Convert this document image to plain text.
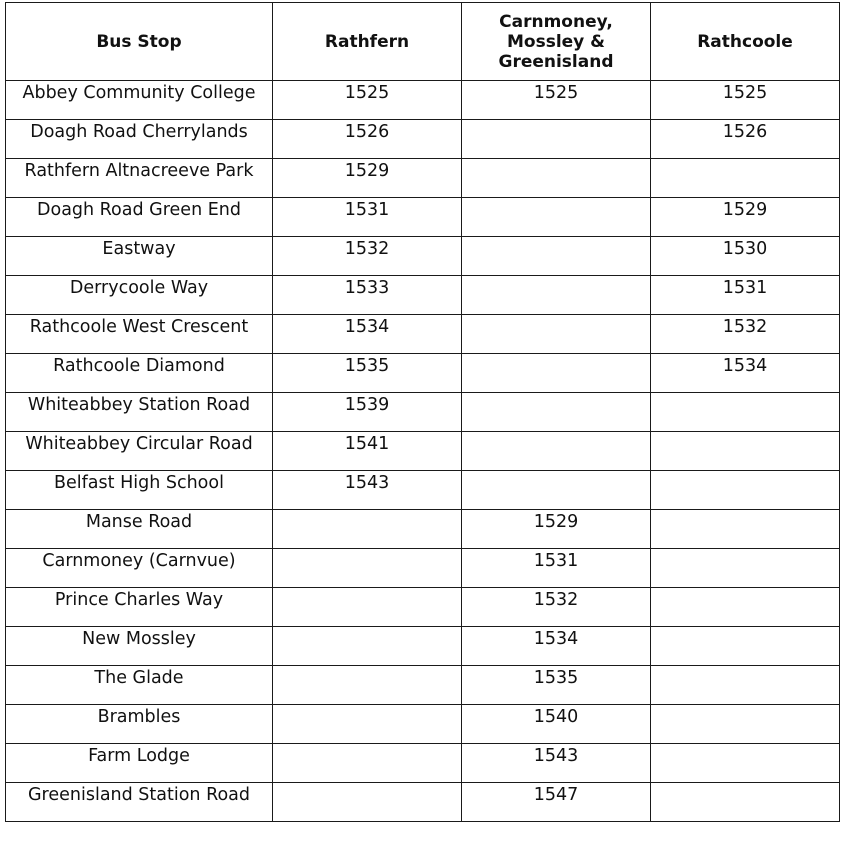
Bus Stop	Rathfern	Carnmoney, Mossley & Greenisland	Rathcoole
Abbey Community College	1525	1525	1525
Doagh Road Cherrylands	1526		1526
Rathfern Altnacreeve Park	1529		
Doagh Road Green End	1531		1529
Eastway	1532		1530
Derrycoole Way	1533		1531
Rathcoole West Crescent	1534		1532
Rathcoole Diamond	1535		1534
Whiteabbey Station Road	1539		
Whiteabbey Circular Road	1541		
Belfast High School	1543		
Manse Road		1529	
Carnmoney (Carnvue)		1531	
Prince Charles Way		1532	
New Mossley		1534	
The Glade		1535	
Brambles		1540	
Farm Lodge		1543	
Greenisland Station Road		1547	
